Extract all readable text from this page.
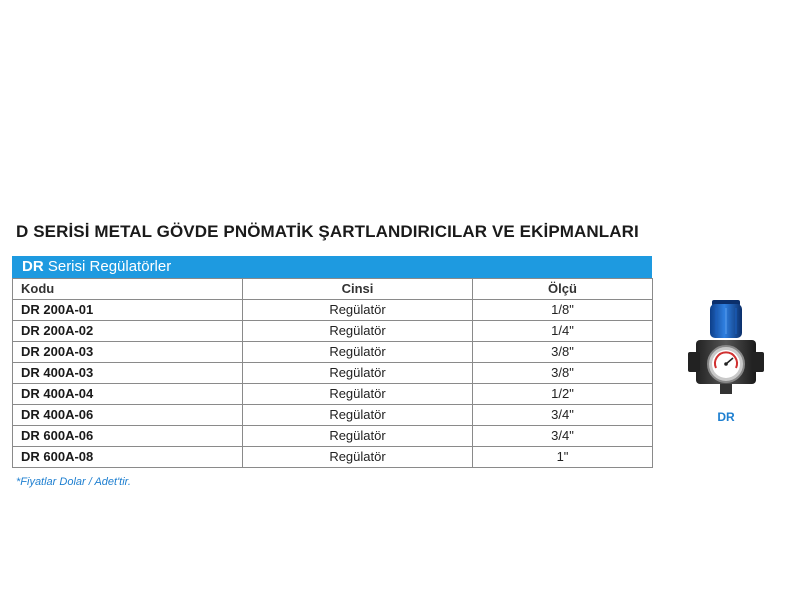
D SERİSİ METAL GÖVDE PNÖMATİK ŞARTLANDIRICILAR VE EKİPMANLARI
DR Serisi Regülatörler
Kodu	Cinsi	Ölçü
DR 200A-01	Regülatör	1/8"
DR 200A-02	Regülatör	1/4"
DR 200A-03	Regülatör	3/8"
DR 400A-03	Regülatör	3/8"
DR 400A-04	Regülatör	1/2"
DR 400A-06	Regülatör	3/4"
DR 600A-06	Regülatör	3/4"
DR 600A-08	Regülatör	1"
*Fiyatlar Dolar / Adet'tir.
DR
